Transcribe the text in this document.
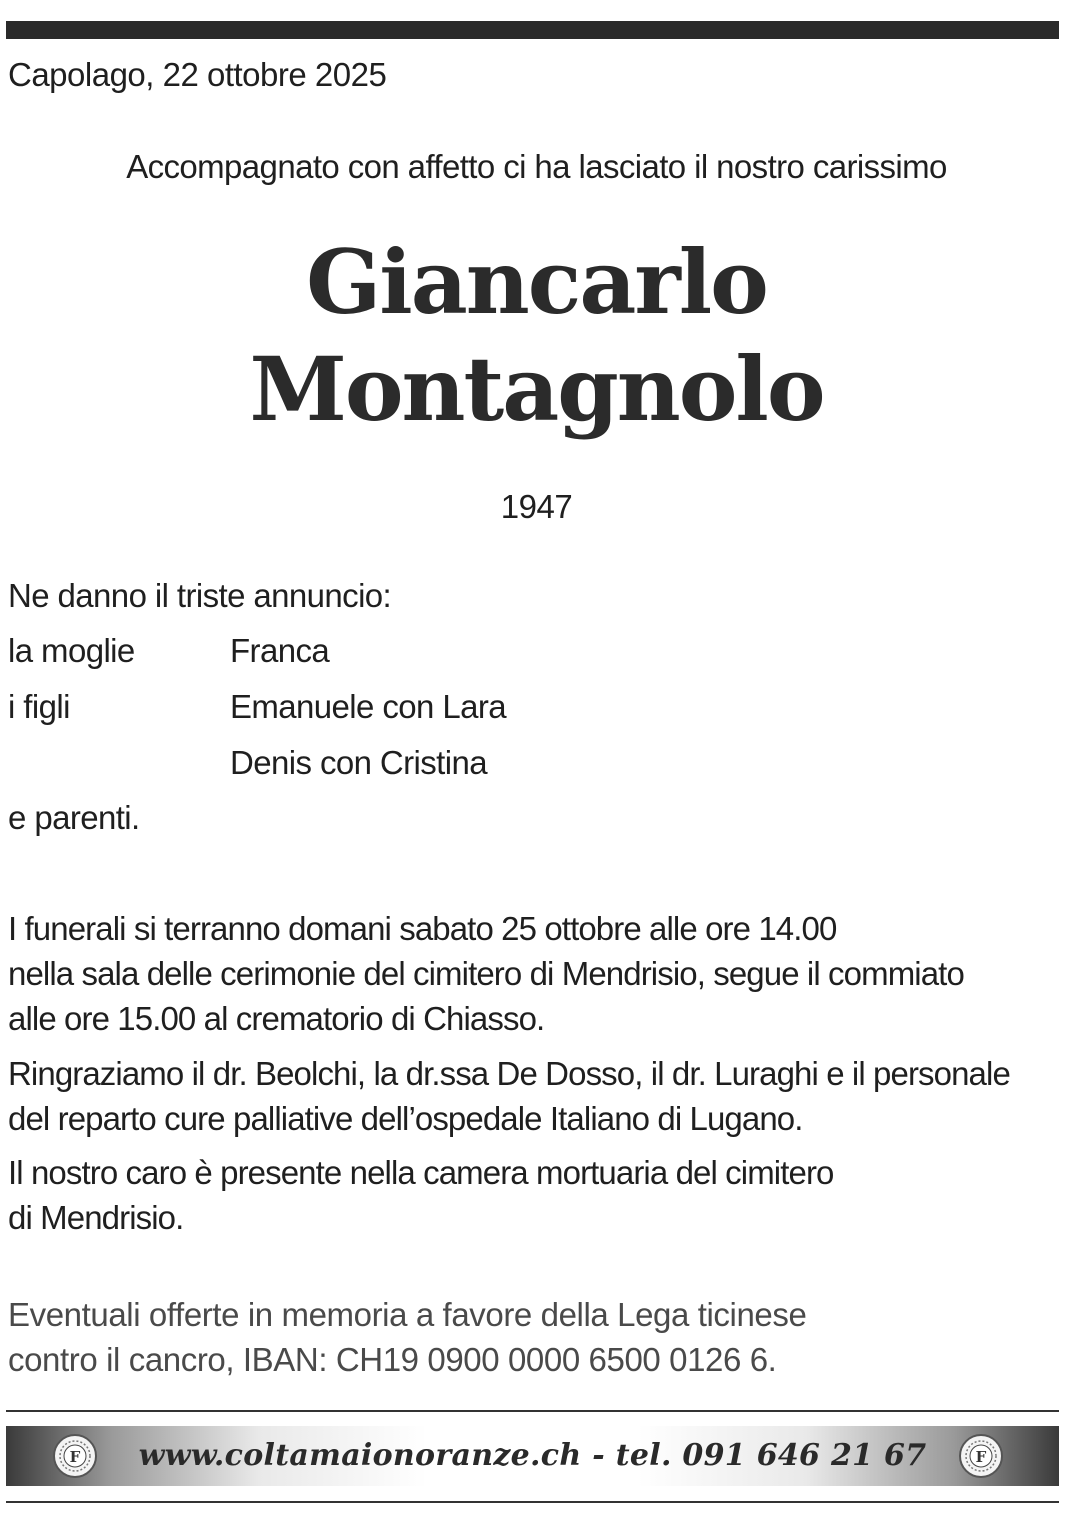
Capolago, 22 ottobre 2025
Accompagnato con affetto ci ha lasciato il nostro carissimo
Giancarlo
Montagnolo
1947
Ne danno il triste annuncio:
la moglie	Franca
i figli	Emanuele con Lara
Denis con Cristina
e parenti.
I funerali si terranno domani sabato 25 ottobre alle ore 14.00
nella sala delle cerimonie del cimitero di Mendrisio, segue il commiato
alle ore 15.00 al crematorio di Chiasso.
Ringraziamo il dr. Beolchi, la dr.ssa De Dosso, il dr. Luraghi e il personale
del reparto cure palliative dell’ospedale Italiano di Lugano.
Il nostro caro è presente nella camera mortuaria del cimitero
di Mendrisio.
Eventuali offerte in memoria a favore della Lega ticinese
contro il cancro, IBAN: CH19 0900 0000 6500 0126 6.
F	www.coltamaionoranze.ch - tel. 091 646 21 67	F
